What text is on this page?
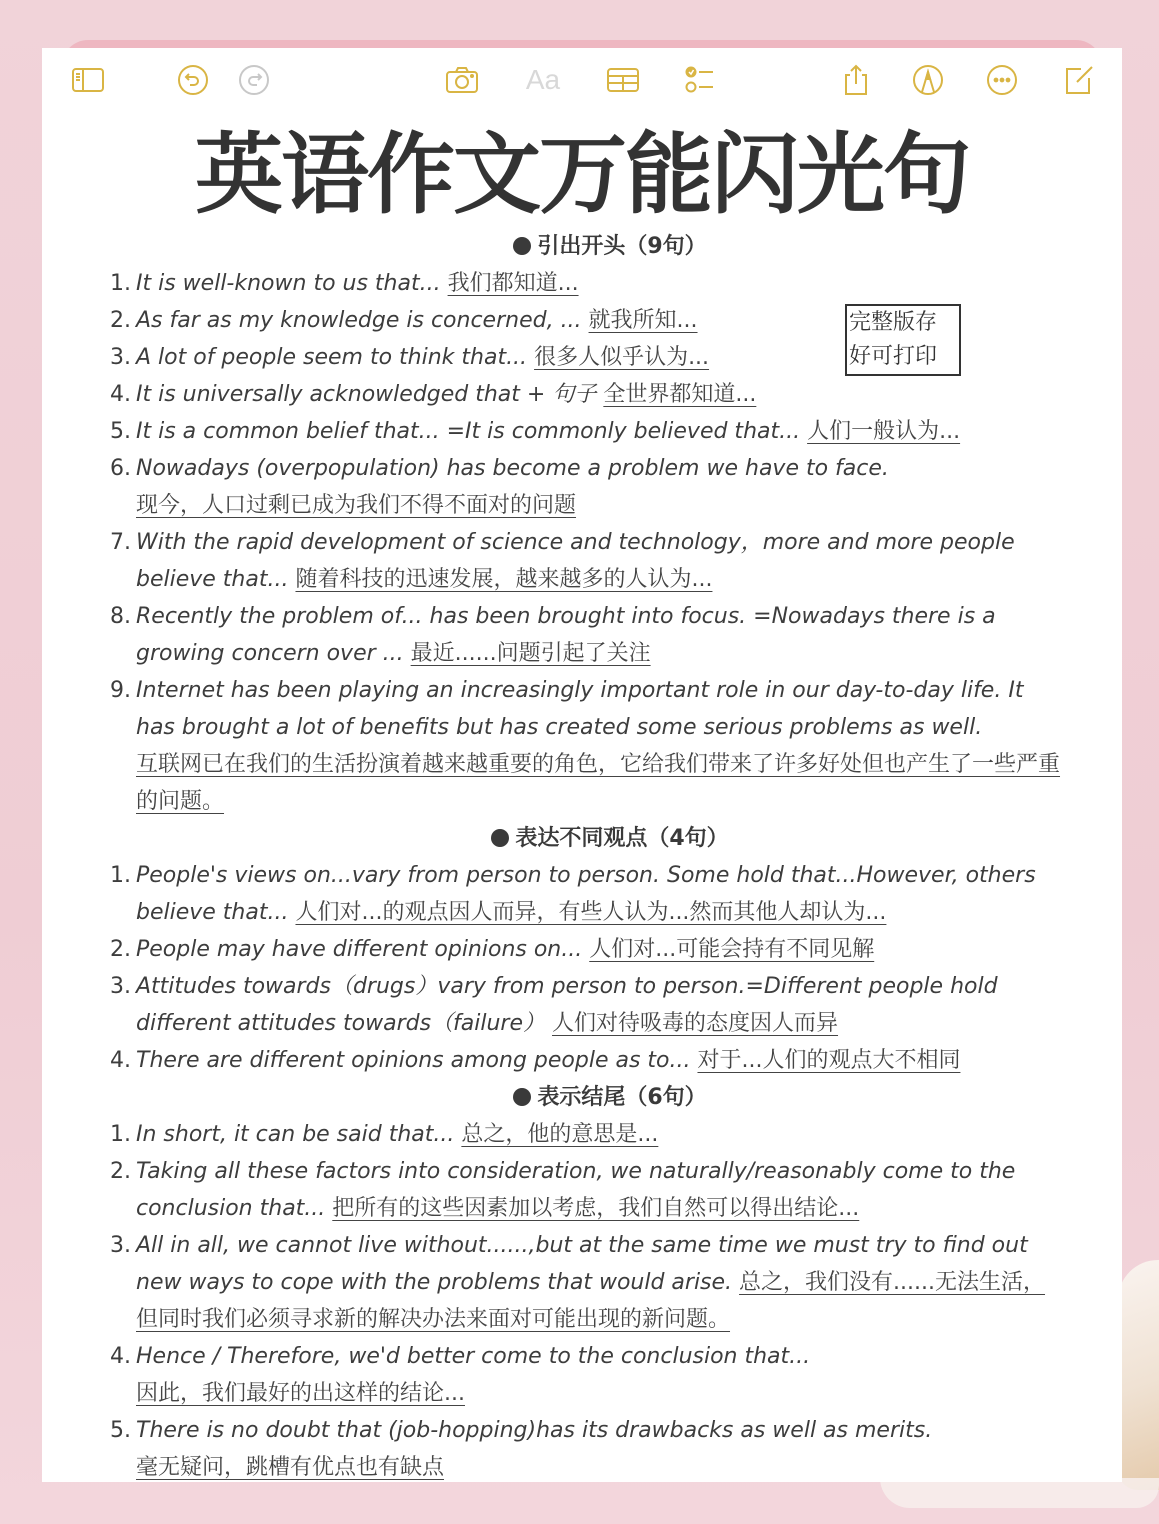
Aa
英语作文万能闪光句
完整版存
好可打印
引出开头（9句）
1. It is well-known to us that... 我们都知道...
2. As far as my knowledge is concerned, ... 就我所知...
3. A lot of people seem to think that... 很多人似乎认为...
4. It is universally acknowledged that + 句子 全世界都知道...
5. It is a common belief that... =It is commonly believed that... 人们一般认为...
6. Nowadays (overpopulation) has become a problem we have to face.
现今，人口过剩已成为我们不得不面对的问题
7. With the rapid development of science and technology，more and more people believe that... 随着科技的迅速发展，越来越多的人认为...
8. Recently the problem of... has been brought into focus. =Nowadays there is a growing concern over ... 最近......问题引起了关注
9. Internet has been playing an increasingly important role in our day-to-day life. It has brought a lot of benefits but has created some serious problems as well.
互联网已在我们的生活扮演着越来越重要的角色，它给我们带来了许多好处但也产生了一些严重的问题。
表达不同观点（4句）
1. People's views on...vary from person to person. Some hold that...However, others believe that... 人们对...的观点因人而异，有些人认为...然而其他人却认为...
2. People may have different opinions on... 人们对...可能会持有不同见解
3. Attitudes towards（drugs）vary from person to person.=Different people hold different attitudes towards（failure） 人们对待吸毒的态度因人而异
4. There are different opinions among people as to... 对于...人们的观点大不相同
表示结尾（6句）
1. In short, it can be said that... 总之，他的意思是...
2. Taking all these factors into consideration, we naturally/reasonably come to the conclusion that... 把所有的这些因素加以考虑，我们自然可以得出结论...
3. All in all, we cannot live without......,but at the same time we must try to find out new ways to cope with the problems that would arise. 总之，我们没有......无法生活，但同时我们必须寻求新的解决办法来面对可能出现的新问题。
4. Hence / Therefore, we'd better come to the conclusion that...
因此，我们最好的出这样的结论...
5. There is no doubt that (job-hopping)has its drawbacks as well as merits.
毫无疑问，跳槽有优点也有缺点
